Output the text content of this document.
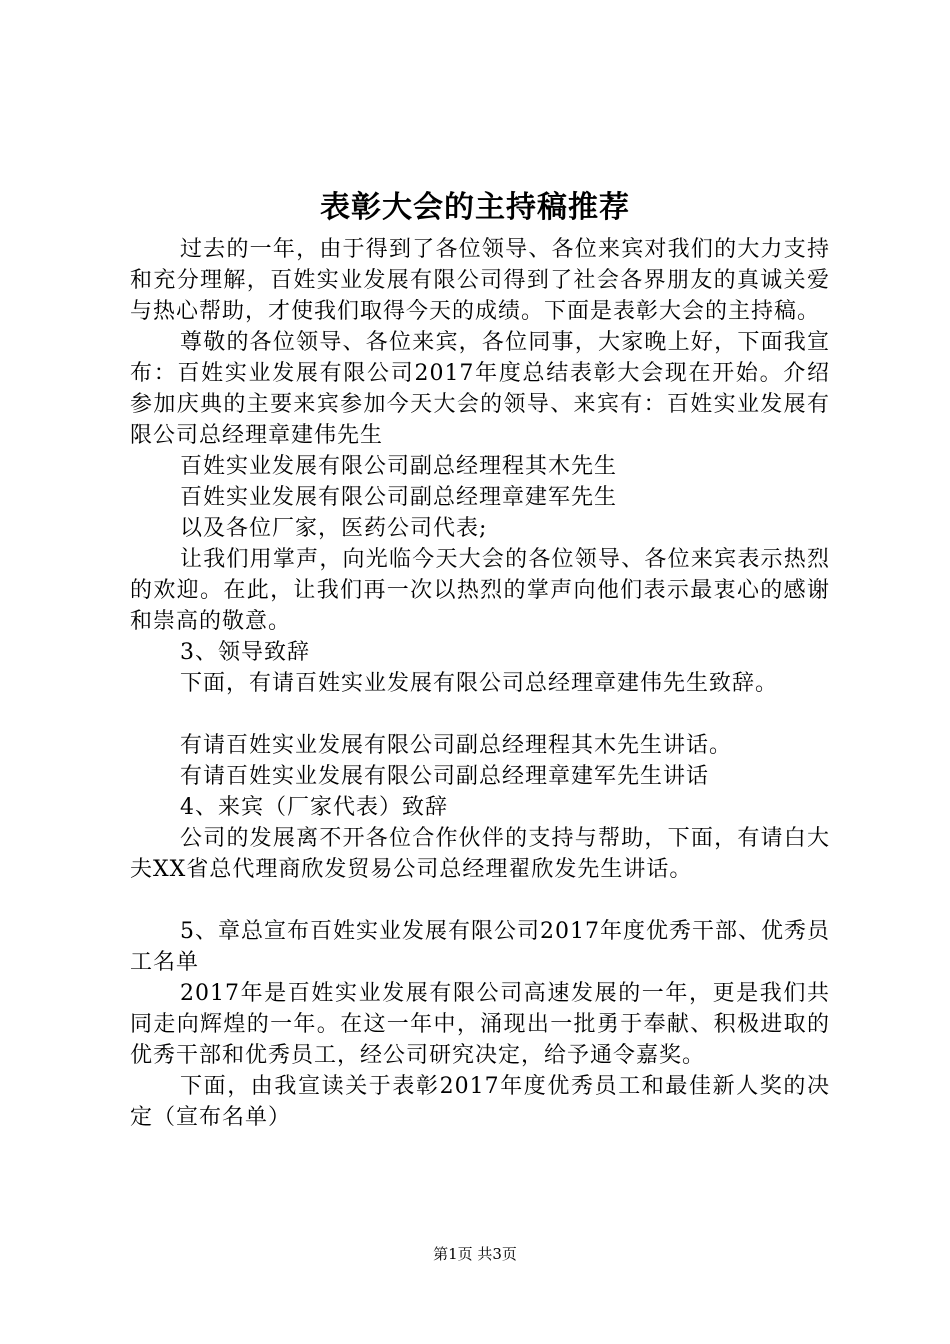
表彰大会的主持稿推荐

过去的一年，由于得到了各位领导、各位来宾对我们的大力支持和充分理解，百姓实业发展有限公司得到了社会各界朋友的真诚关爱与热心帮助，才使我们取得今天的成绩。下面是表彰大会的主持稿。

尊敬的各位领导、各位来宾，各位同事，大家晚上好，下面我宣布：百姓实业发展有限公司2017年度总结表彰大会现在开始。介绍参加庆典的主要来宾参加今天大会的领导、来宾有：百姓实业发展有限公司总经理章建伟先生

百姓实业发展有限公司副总经理程其木先生

百姓实业发展有限公司副总经理章建军先生

以及各位厂家，医药公司代表;

让我们用掌声，向光临今天大会的各位领导、各位来宾表示热烈的欢迎。在此，让我们再一次以热烈的掌声向他们表示最衷心的感谢和崇高的敬意。

3、领导致辞

下面，有请百姓实业发展有限公司总经理章建伟先生致辞。

有请百姓实业发展有限公司副总经理程其木先生讲话。

有请百姓实业发展有限公司副总经理章建军先生讲话

4、来宾（厂家代表）致辞

公司的发展离不开各位合作伙伴的支持与帮助，下面，有请白大夫XX省总代理商欣发贸易公司总经理翟欣发先生讲话。

5、章总宣布百姓实业发展有限公司2017年度优秀干部、优秀员工名单

2017年是百姓实业发展有限公司高速发展的一年，更是我们共同走向辉煌的一年。在这一年中，涌现出一批勇于奉献、积极进取的优秀干部和优秀员工，经公司研究决定，给予通令嘉奖。

下面，由我宣读关于表彰2017年度优秀员工和最佳新人奖的决定（宣布名单）

第1页 共3页
